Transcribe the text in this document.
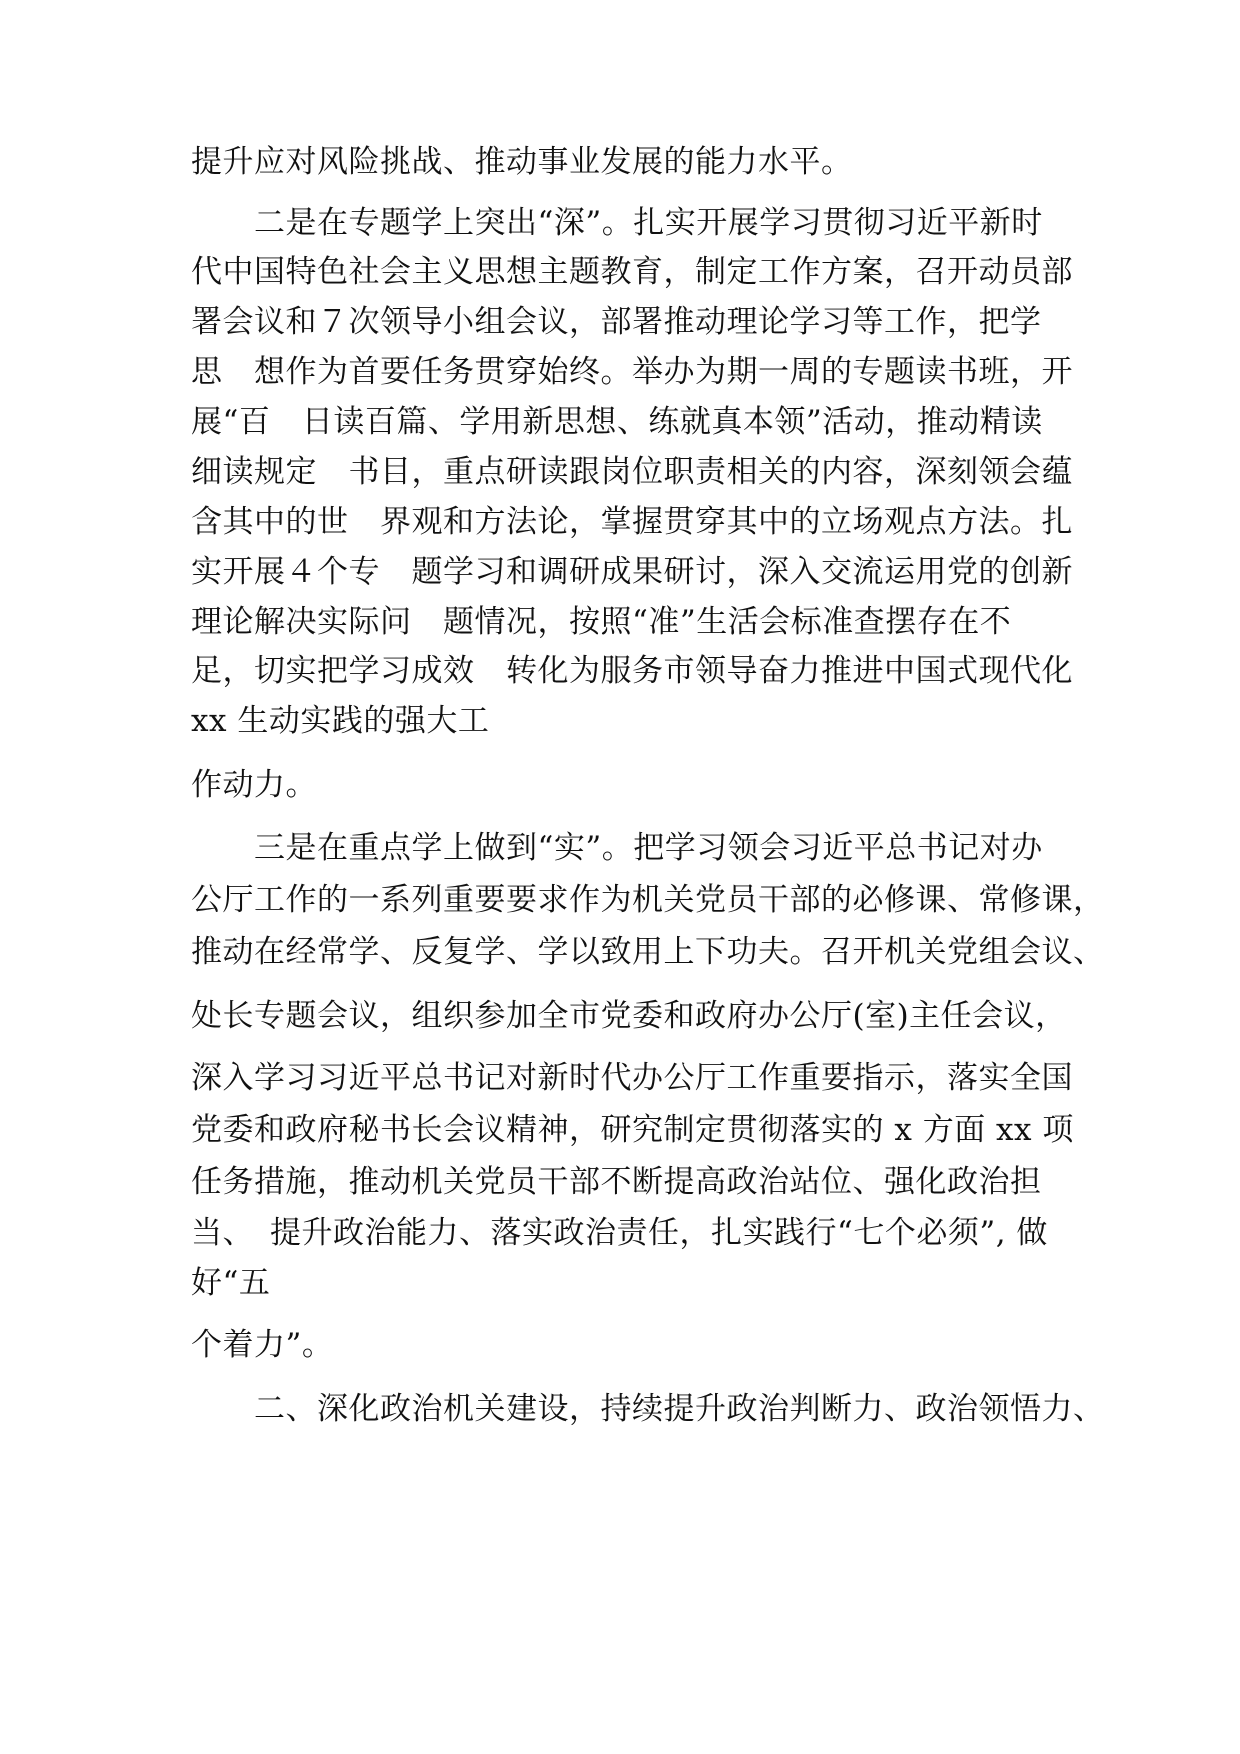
提升应对风险挑战、推动事业发展的能力水平。
二是在专题学上突出“深”。扎实开展学习贯彻习近平新时
代中国特色社会主义思想主题教育，制定工作方案，召开动员部
署会议和７次领导小组会议，部署推动理论学习等工作，把学
思　想作为首要任务贯穿始终。举办为期一周的专题读书班，开
展“百　日读百篇、学用新思想、练就真本领”活动，推动精读
细读规定　书目，重点研读跟岗位职责相关的内容，深刻领会蕴
含其中的世　界观和方法论，掌握贯穿其中的立场观点方法。扎
实开展４个专　题学习和调研成果研讨，深入交流运用党的创新
理论解决实际问　题情况，按照“准”生活会标准查摆存在不
足，切实把学习成效　转化为服务市领导奋力推进中国式现代化
xx 生动实践的强大工
作动力。
三是在重点学上做到“实”。把学习领会习近平总书记对办
公厅工作的一系列重要要求作为机关党员干部的必修课、常修课，
推动在经常学、反复学、学以致用上下功夫。召开机关党组会议、
处长专题会议，组织参加全市党委和政府办公厅(室)主任会议，
深入学习习近平总书记对新时代办公厅工作重要指示，落实全国
党委和政府秘书长会议精神，研究制定贯彻落实的 x 方面 xx 项
任务措施，推动机关党员干部不断提高政治站位、强化政治担
当、　提升政治能力、落实政治责任，扎实践行“七个必须”, 做
好“五
个着力”。
二、深化政治机关建设，持续提升政治判断力、政治领悟力、
